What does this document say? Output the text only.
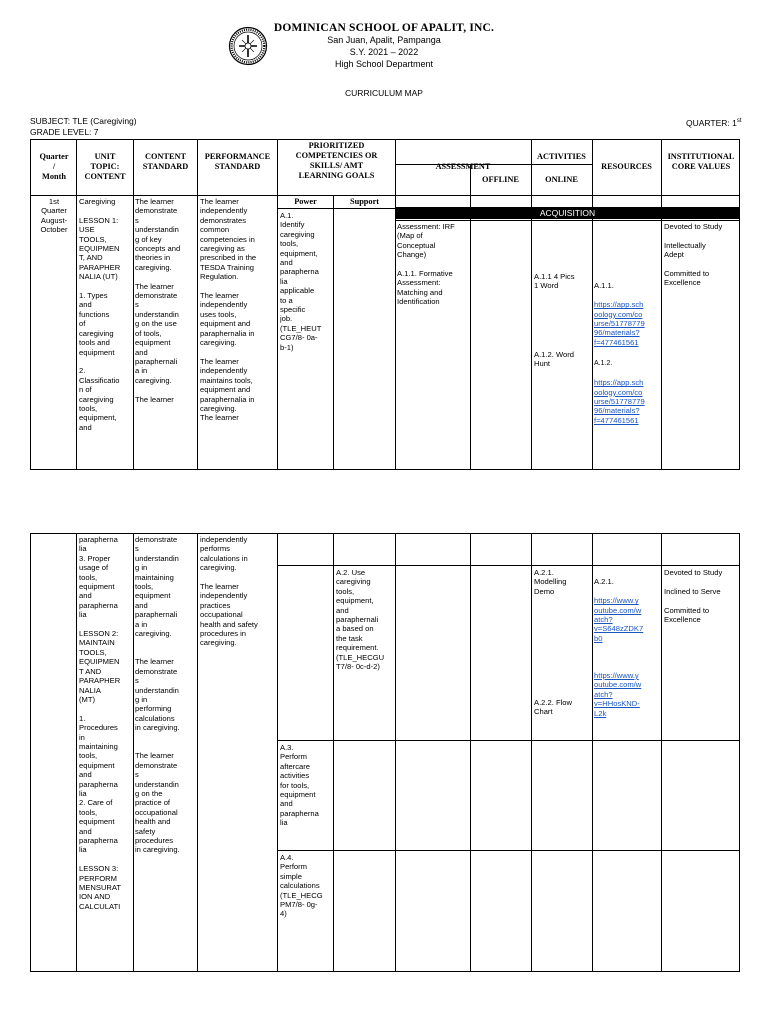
DOMINICAN SCHOOL OF APALIT, INC.
San Juan, Apalit, Pampanga
S.Y. 2021 – 2022
High School Department
CURRICULUM MAP
SUBJECT: TLE (Caregiving)
GRADE LEVEL: 7
QUARTER: 1st
Quarter
/
Month
UNIT
TOPIC:
CONTENT
CONTENT
STANDARD
PERFORMANCE
STANDARD
PRIORITIZED
COMPETENCIES OR
SKILLS/ AMT
LEARNING GOALS
ASSESSMENT
ACTIVITIES
OFFLINE	ONLINE
RESOURCES
INSTITUTIONAL
CORE VALUES
Power	Support
ACQUISITION
1st
Quarter
August-
October
Caregiving

LESSON 1:
USE
TOOLS,
EQUIPMEN
T, AND
PARAPHER
NALIA (UT)

1. Types
and
functions
of
caregiving
tools and
equipment

2.
Classificatio
n of
caregiving
tools,
equipment,
and
The learner
demonstrate
s
understandin
g of key
concepts and
theories in
caregiving.

The learner
demonstrate
s
understandin
g on the use
of tools,
equipment
and
paraphernali
a in
caregiving.

The learner
The learner
independently
demonstrates
common
competencies in
caregiving as
prescribed in the
TESDA Training
Regulation.

The learner
independently
uses tools,
equipment and
paraphernalia in
caregiving.

The learner
independently
maintains tools,
equipment and
paraphernalia in
caregiving.
The learner
A.1.
Identify
caregiving
tools,
equipment,
and
parapherna
lia
applicable
to a
specific
job.
(TLE_HEUT
CG7/8- 0a-
b-1)
Assessment: IRF
(Map of
Conceptual
Change)

A.1.1. Formative
Assessment:
Matching and
Identification
A.1.1 4 Pics
1 Word
A.1.2. Word
Hunt

A.1.1.

https://app.sch
oology.com/co
urse/51778779
96/materials?
f=477461561

A.1.2.

https://app.sch
oology.com/co
urse/51778779
96/materials?
f=477461561

Devoted to Study

Intellectually
Adept

Committed to
Excellence
parapherna
lia
3. Proper
usage of
tools,
equipment
and
parapherna
lia

LESSON 2:
MAINTAIN
TOOLS,
EQUIPMEN
T AND
PARAPHER
NALIA
(MT)

1.
Procedures
in
maintaining
tools,
equipment
and
parapherna
lia
2. Care of
tools,
equipment
and
parapherna
lia

LESSON 3:
PERFORM
MENSURAT
ION AND
CALCULATI
demonstrate
s
understandin
g in
maintaining
tools,
equipment
and
paraphernali
a in
caregiving.

The learner
demonstrate
s
understandin
g in
performing
calculations
in caregiving.

The learner
demonstrate
s
understandin
g on the
practice of
occupational
health and
safety
procedures
in caregiving.
independently
performs
calculations in
caregiving.

The learner
independently
practices
occupational
health and safety
procedures in
caregiving.
A.2. Use
caregiving
tools,
equipment,
and
paraphernali
a based on
the task
requirement.
(TLE_HECGU
T7/8- 0c-d-2)
A.2.1.
Modelling
Demo
A.2.2. Flow
Chart

A.2.1.

https://www.y
outube.com/w
atch?
v=S648zZDK7
b0

https://www.y
outube.com/w
atch?
v=HHosKND-
L2k

Devoted to Study

Inclined to Serve

Committed to
Excellence
A.3.
Perform
aftercare
activities
for tools,
equipment
and
parapherna
lia
A.4.
Perform
simple
calculations
(TLE_HECG
PM7/8- 0g-
4)
